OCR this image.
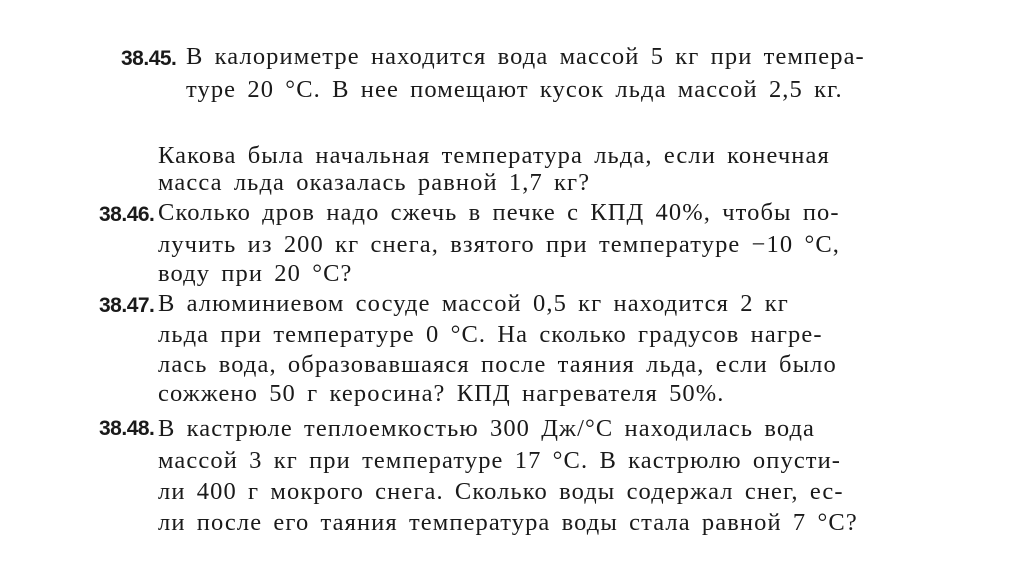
38.45. В калориметре находится вода массой 5 кг при темпера-
туре 20 °С. В нее помещают кусок льда массой 2,5 кг.
Какова была начальная температура льда, если конечная
масса льда оказалась равной 1,7 кг?
38.46. Сколько дров надо сжечь в печке с КПД 40%, чтобы по-
лучить из 200 кг снега, взятого при температуре −10 °С,
воду при 20 °С?
38.47. В алюминиевом сосуде массой 0,5 кг находится 2 кг
льда при температуре 0 °С. На сколько градусов нагре-
лась вода, образовавшаяся после таяния льда, если было
сожжено 50 г керосина? КПД нагревателя 50%.
38.48. В кастрюле теплоемкостью 300 Дж/°С находилась вода
массой 3 кг при температуре 17 °С. В кастрюлю опусти-
ли 400 г мокрого снега. Сколько воды содержал снег, ес-
ли после его таяния температура воды стала равной 7 °С?
